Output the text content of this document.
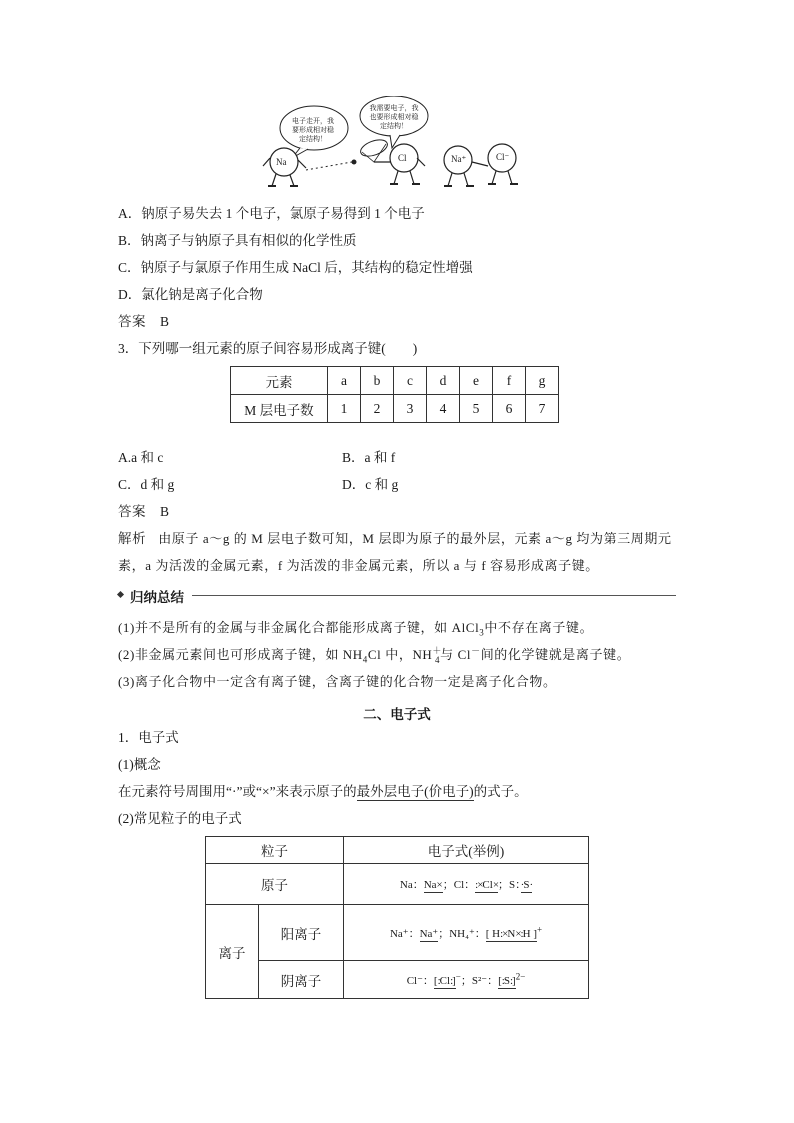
电子走开，我要形成相对稳定结构！
我需要电子，我也要形成相对稳定结构！
Na	Cl	Na⁺	Cl⁻
A．钠原子易失去 1 个电子，氯原子易得到 1 个电子
B．钠离子与钠原子具有相似的化学性质
C．钠原子与氯原子作用生成 NaCl 后，其结构的稳定性增强
D．氯化钠是离子化合物
答案 B
3．下列哪一组元素的原子间容易形成离子键(　　)
元素	a	b	c	d	e	f	g
M 层电子数	1	2	3	4	5	6	7
A.a 和 c	B．a 和 f
C．d 和 g	D．c 和 g
答案 B
解析 由原子 a～g 的 M 层电子数可知，M 层即为原子的最外层，元素 a～g 均为第三周期元
素，a 为活泼的金属元素，f 为活泼的非金属元素，所以 a 与 f 容易形成离子键。
归纳总结
(1)并不是所有的金属与非金属化合都能形成离子键，如 AlCl$_3$中不存在离子键。
(2)非金属元素间也可形成离子键，如 $NH_4Cl$ 中，$NH^+_4$与 Cl－间的化学键就是离子键。
(3)离子化合物中一定含有离子键，含离子键的化合物一定是离子化合物。
二、电子式
1．电子式
(1)概念
在元素符号周围用“·”或“×”来表示原子的最外层电子(价电子)的式子。
(2)常见粒子的电子式
粒子		电子式(举例)
原子		Na：Na×；Cl：:×Cl×；S：·S·
离子	阳离子	Na⁺：Na⁺；NH₄⁺：[ H:×N×:H ]+
	阴离子	Cl⁻：[:Cl:]−；S²⁻：[:S:]$^{2-}$
